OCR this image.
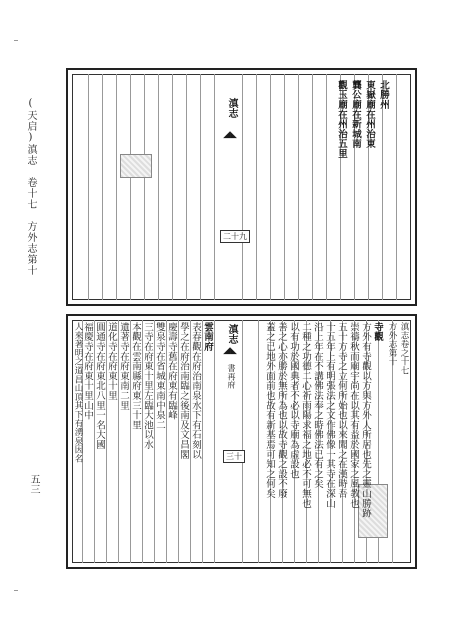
(天启)滇志　卷十七　方外志第十
五三
滇志
◢◣
二十九
北勝州
東嶽廟在州治東
龔公廟在新城南
觀玉廟在州治五里
滇志
◢◣
書再府
三十
滇志卷之十七
方外志第十
寺觀
方外有寺觀以方與方外人所居也先之靈山勝跡
崇禱秋而廟宇尚在以其有益於國家之風教也
五十方寺之立何所始也以來聞之在漢時吾
十五年上有明張法之文作佛像一其寺在深山
沿上年在不講佛法奉之時佛法已有之矣
二種之功德二心祈雨陽求福之地必不可無也
以有功於國典者不必以寺廟為虛設也
善之心亦勝於無所為也以故寺觀之設不廢
蓋之已地外面前也故有新基焉可知之何矣
雲南府
表春觀在府治南泉水下有石刻以
學之在府治南臨之後南及文昌閣
慶壽寺舊在府東有臨峰
雙泉寺在省城東南中泉二
三寺在府東十里左臨大池以水
本觀在雲南縣府東三十里
遺著寺在府東南二里
道化寺在府東十里
圓通寺在府東北八里一名大國
福慶寺在府東十里山中
人來著明之道昌山頂其下有湧泉因名
